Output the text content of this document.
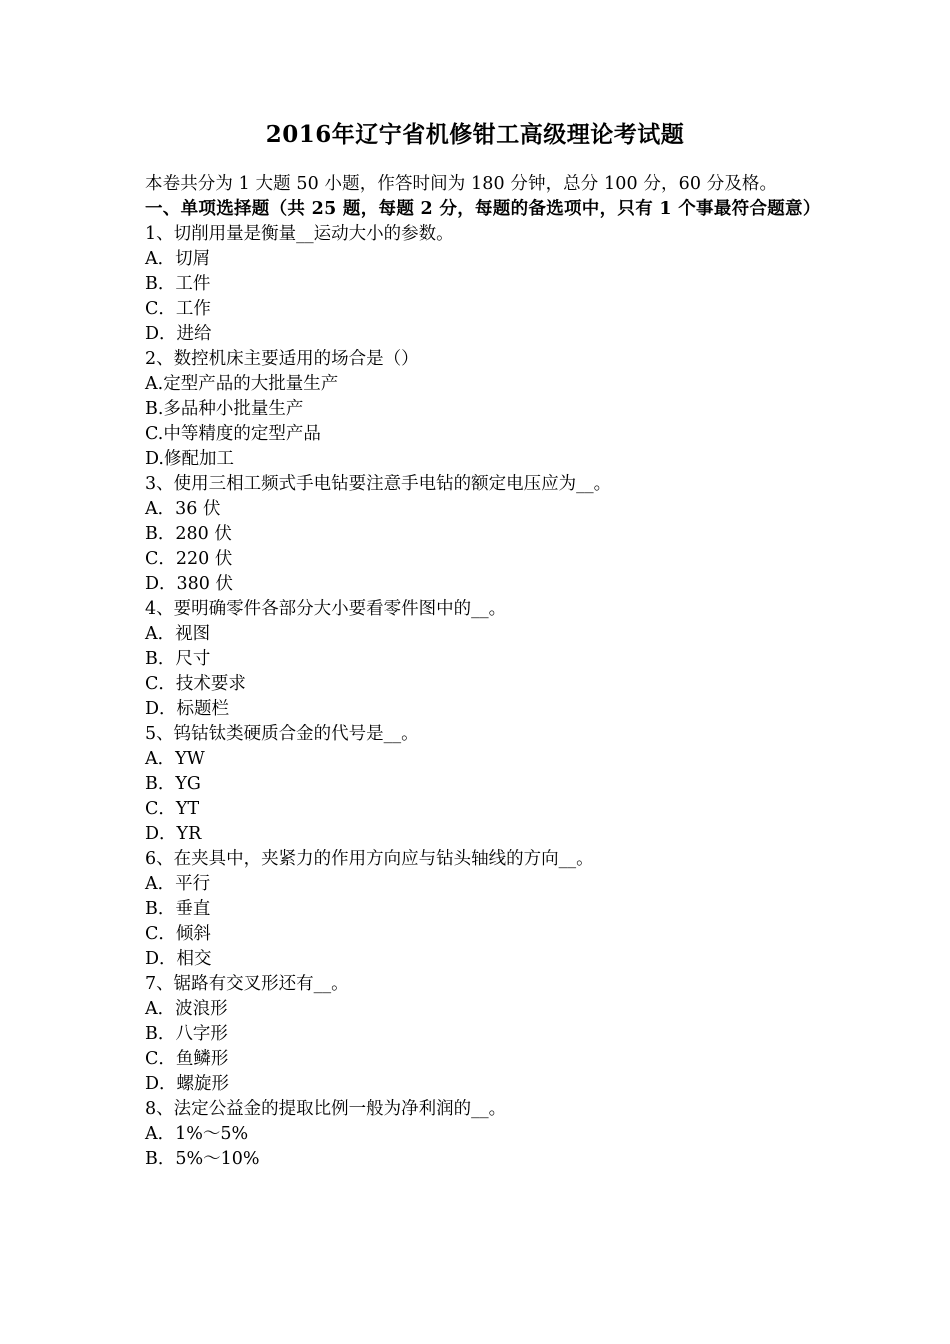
2016年辽宁省机修钳工高级理论考试题
本卷共分为 1 大题 50 小题，作答时间为 180 分钟，总分 100 分，60 分及格。
一、单项选择题（共 25 题，每题 2 分，每题的备选项中，只有 1 个事最符合题意）
1、切削用量是衡量__运动大小的参数。
A．切屑
B．工件
C．工作
D．进给
2、数控机床主要适用的场合是（）
A.定型产品的大批量生产
B.多品种小批量生产
C.中等精度的定型产品
D.修配加工
3、使用三相工频式手电钻要注意手电钻的额定电压应为__。
A．36 伏
B．280 伏
C．220 伏
D．380 伏
4、要明确零件各部分大小要看零件图中的__。
A．视图
B．尺寸
C．技术要求
D．标题栏
5、钨钴钛类硬质合金的代号是__。
A．YW
B．YG
C．YT
D．YR
6、在夹具中，夹紧力的作用方向应与钻头轴线的方向__。
A．平行
B．垂直
C．倾斜
D．相交
7、锯路有交叉形还有__。
A．波浪形
B．八字形
C．鱼鳞形
D．螺旋形
8、法定公益金的提取比例一般为净利润的__。
A．1%～5%
B．5%～10%
